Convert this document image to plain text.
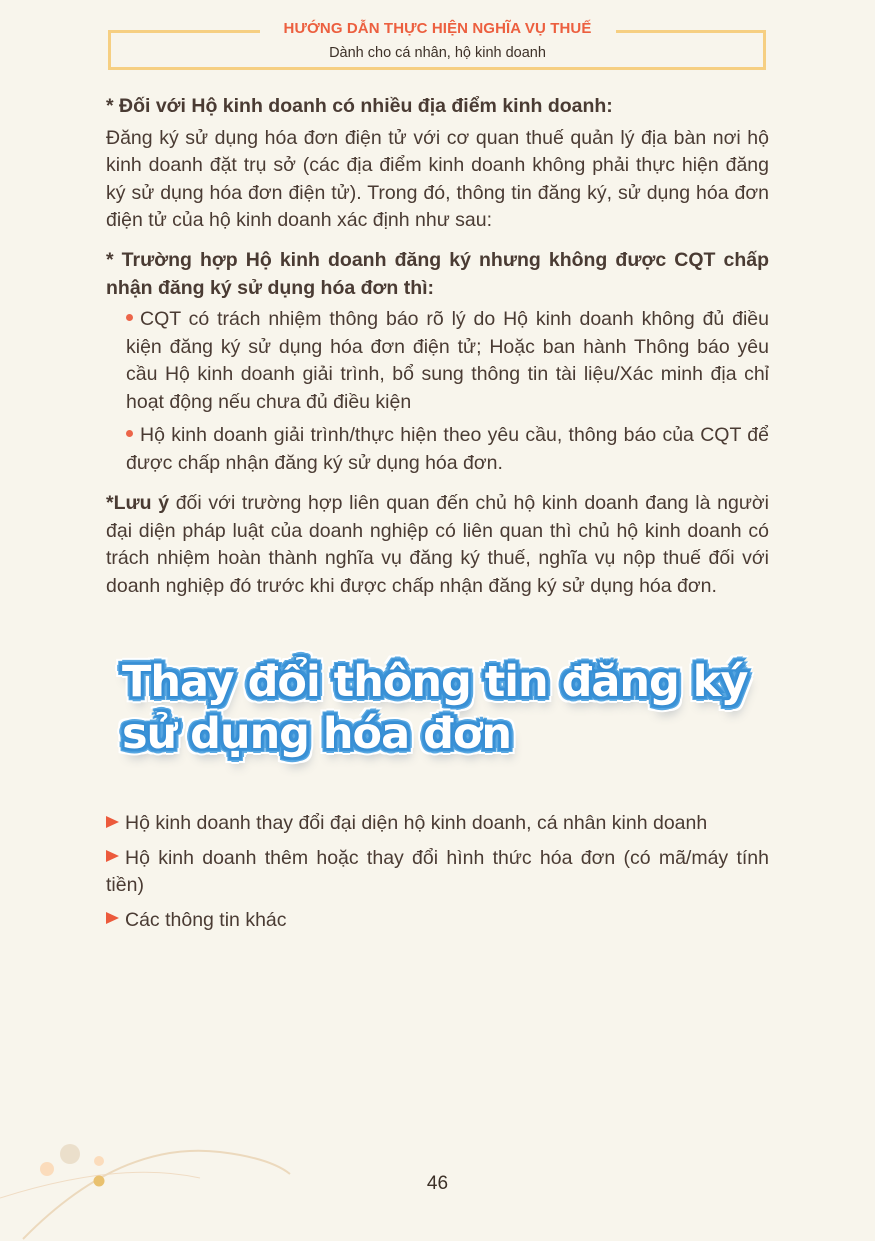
HƯỚNG DẪN THỰC HIỆN NGHĨA VỤ THUẾ
Dành cho cá nhân, hộ kinh doanh

* Đối với Hộ kinh doanh có nhiều địa điểm kinh doanh:

Đăng ký sử dụng hóa đơn điện tử với cơ quan thuế quản lý địa bàn nơi hộ kinh doanh đặt trụ sở (các địa điểm kinh doanh không phải thực hiện đăng ký sử dụng hóa đơn điện tử). Trong đó, thông tin đăng ký, sử dụng hóa đơn điện tử của hộ kinh doanh xác định như sau:

* Trường hợp Hộ kinh doanh đăng ký nhưng không được CQT chấp nhận đăng ký sử dụng hóa đơn thì:

CQT có trách nhiệm thông báo rõ lý do Hộ kinh doanh không đủ điều kiện đăng ký sử dụng hóa đơn điện tử; Hoặc ban hành Thông báo yêu cầu Hộ kinh doanh giải trình, bổ sung thông tin tài liệu/Xác minh địa chỉ hoạt động nếu chưa đủ điều kiện

Hộ kinh doanh giải trình/thực hiện theo yêu cầu, thông báo của CQT để được chấp nhận đăng ký sử dụng hóa đơn.

*Lưu ý đối với trường hợp liên quan đến chủ hộ kinh doanh đang là người đại diện pháp luật của doanh nghiệp có liên quan thì chủ hộ kinh doanh có trách nhiệm hoàn thành nghĩa vụ đăng ký thuế, nghĩa vụ nộp thuế đối với doanh nghiệp đó trước khi được chấp nhận đăng ký sử dụng hóa đơn.

Thay đổi thông tin đăng ký
sử dụng hóa đơn

Hộ kinh doanh thay đổi đại diện hộ kinh doanh, cá nhân kinh doanh

Hộ kinh doanh thêm hoặc thay đổi hình thức hóa đơn (có mã/máy tính tiền)

Các thông tin khác

46
